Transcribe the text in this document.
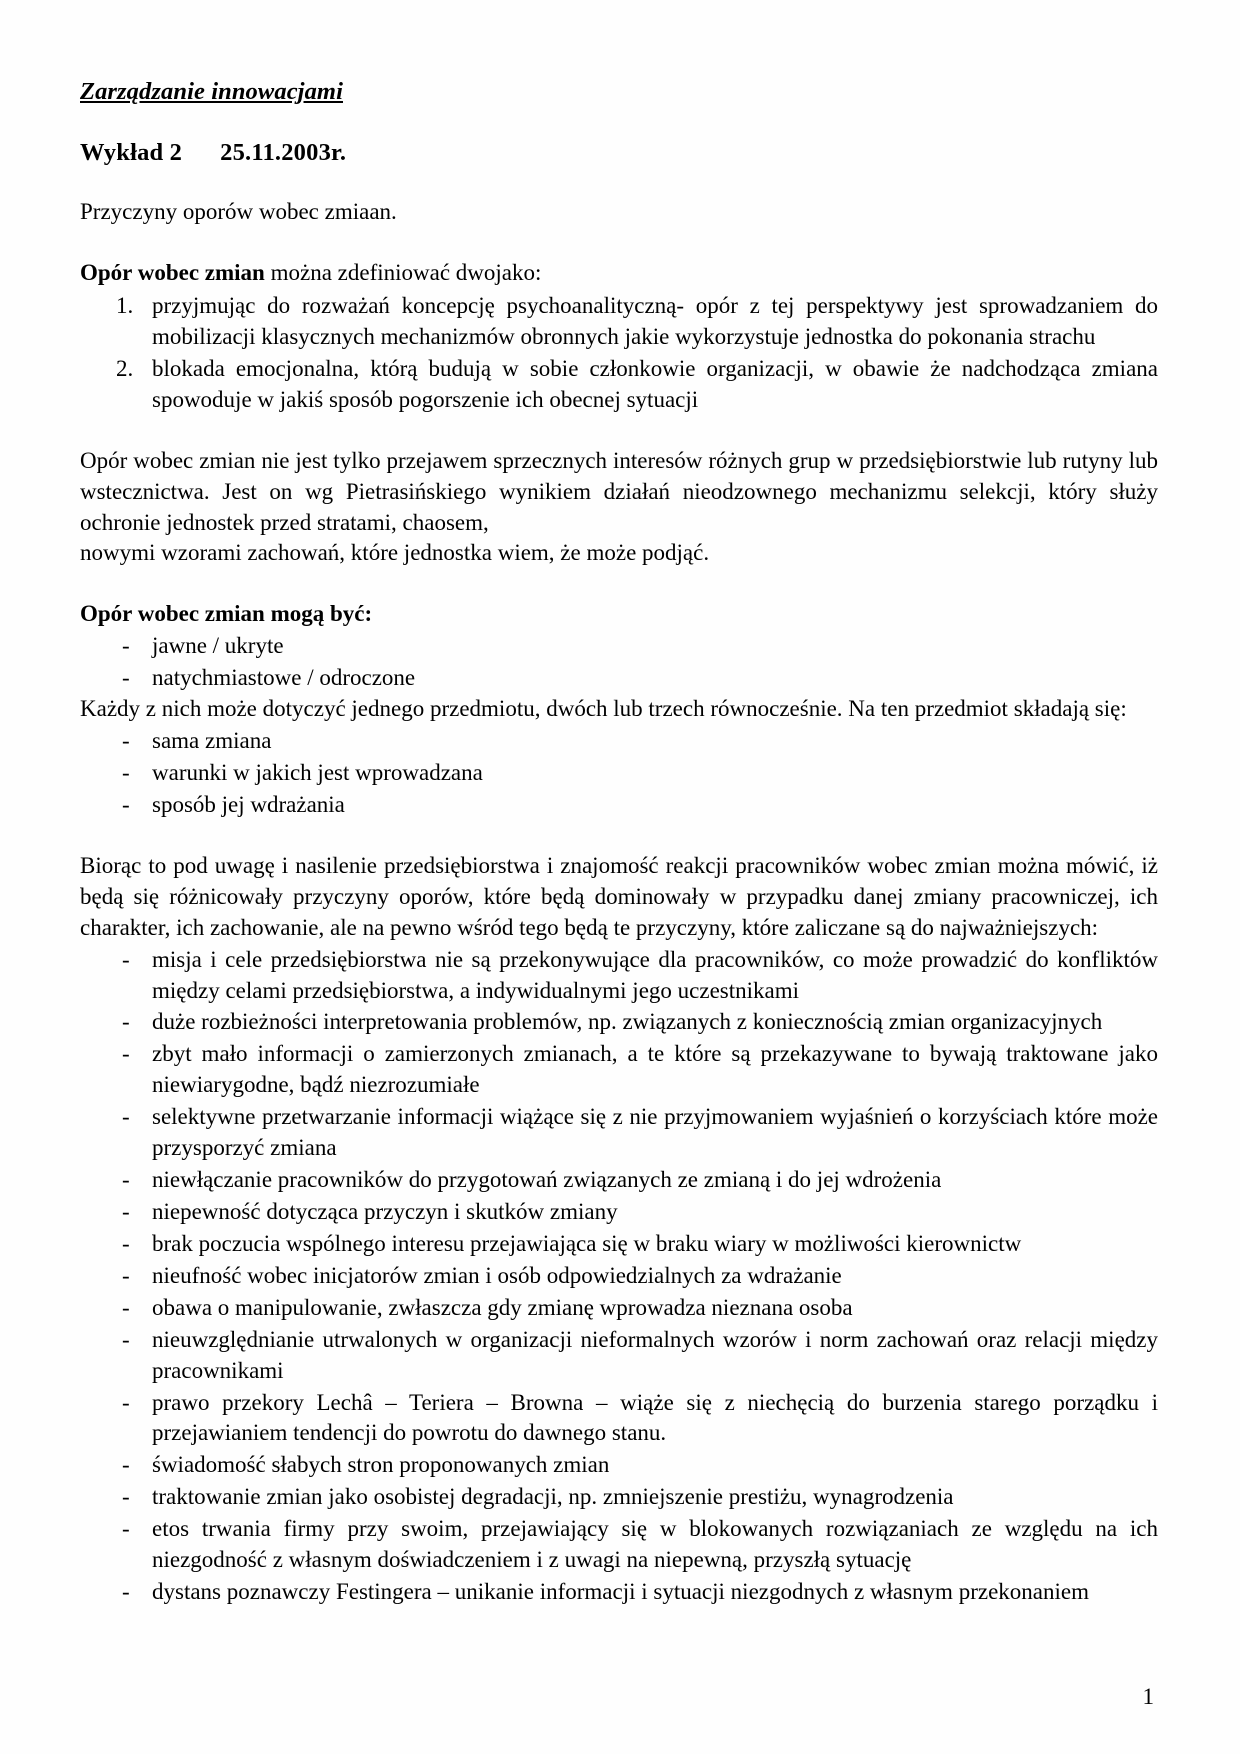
Zarządzanie innowacjami
Wykład 2 25.11.2003r.

Przyczyny oporów wobec zmiaan.

Opór wobec zmian można zdefiniować dwojako:

przyjmując do rozważań koncepcję psychoanalityczną- opór z tej perspektywy jest sprowadzaniem do mobilizacji klasycznych mechanizmów obronnych jakie wykorzystuje jednostka do pokonania strachu
blokada emocjonalna, którą budują w sobie członkowie organizacji, w obawie że nadchodząca zmiana spowoduje w jakiś sposób pogorszenie ich obecnej sytuacji

Opór wobec zmian nie jest tylko przejawem sprzecznych interesów różnych grup w przedsiębiorstwie lub rutyny lub wstecznictwa. Jest on wg Pietrasińskiego wynikiem działań nieodzownego mechanizmu selekcji, który służy ochronie jednostek przed stratami, chaosem,

nowymi wzorami zachowań, które jednostka wiem, że może podjąć.

Opór wobec zmian mogą być:

- jawne / ukryte
- natychmiastowe / odroczone

Każdy z nich może dotyczyć jednego przedmiotu, dwóch lub trzech równocześnie. Na ten przedmiot składają się:

- sama zmiana
- warunki w jakich jest wprowadzana
- sposób jej wdrażania

Biorąc to pod uwagę i nasilenie przedsiębiorstwa i znajomość reakcji pracowników wobec zmian można mówić, iż będą się różnicowały przyczyny oporów, które będą dominowały w przypadku danej zmiany pracowniczej, ich charakter, ich zachowanie, ale na pewno wśród tego będą te przyczyny, które zaliczane są do najważniejszych:

- misja i cele przedsiębiorstwa nie są przekonywujące dla pracowników, co może prowadzić do konfliktów między celami przedsiębiorstwa, a indywidualnymi jego uczestnikami
- duże rozbieżności interpretowania problemów, np. związanych z koniecznością zmian organizacyjnych
- zbyt mało informacji o zamierzonych zmianach, a te które są przekazywane to bywają traktowane jako niewiarygodne, bądź niezrozumiałe
- selektywne przetwarzanie informacji wiążące się z nie przyjmowaniem wyjaśnień o korzyściach które może przysporzyć zmiana
- niewłączanie pracowników do przygotowań związanych ze zmianą i do jej wdrożenia
- niepewność dotycząca przyczyn i skutków zmiany
- brak poczucia wspólnego interesu przejawiająca się w braku wiary w możliwości kierownictw
- nieufność wobec inicjatorów zmian i osób odpowiedzialnych za wdrażanie
- obawa o manipulowanie, zwłaszcza gdy zmianę wprowadza nieznana osoba
- nieuwzględnianie utrwalonych w organizacji nieformalnych wzorów i norm zachowań oraz relacji między pracownikami
- prawo przekory Lechâ – Teriera – Browna – wiąże się z niechęcią do burzenia starego porządku i przejawianiem tendencji do powrotu do dawnego stanu.
- świadomość słabych stron proponowanych zmian
- traktowanie zmian jako osobistej degradacji, np. zmniejszenie prestiżu, wynagrodzenia
- etos trwania firmy przy swoim, przejawiający się w blokowanych rozwiązaniach ze względu na ich niezgodność z własnym doświadczeniem i z uwagi na niepewną, przyszłą sytuację
- dystans poznawczy Festingera – unikanie informacji i sytuacji niezgodnych z własnym przekonaniem
1
